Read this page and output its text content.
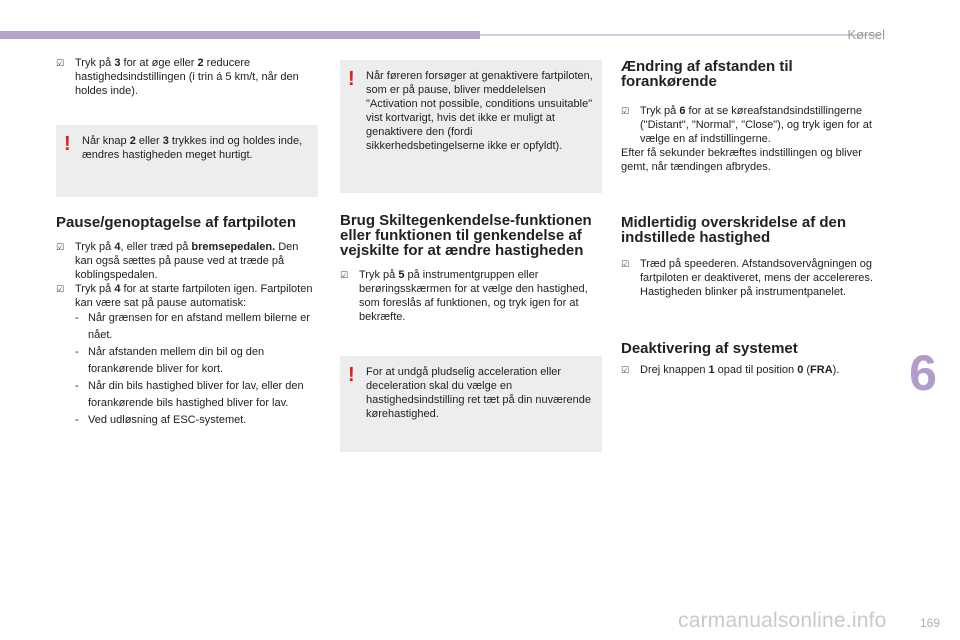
Kørsel
6
169
carmanualsonline.info

☑ Tryk på 3 for at øge eller 2 reducere hastighedsindstillingen (i trin á 5 km/t, når den holdes inde).

!	Når knap 2 eller 3 trykkes ind og holdes inde, ændres hastigheden meget hurtigt.
Pause/genoptagelse af fartpiloten

☑ Tryk på 4, eller træd på bremsepedalen. Den kan også sættes på pause ved at træde på koblingspedalen.

☑ Tryk på 4 for at starte fartpiloten igen. Fartpiloten kan være sat på pause automatisk:

- Når grænsen for en afstand mellem bilerne er nået.

- Når afstanden mellem din bil og den forankørende bliver for kort.

- Når din bils hastighed bliver for lav, eller den forankørende bils hastighed bliver for lav.

- Ved udløsning af ESC-systemet.

!	Når føreren forsøger at genaktivere fartpiloten, som er på pause, bliver meddelelsen "Activation not possible, conditions unsuitable" vist kortvarigt, hvis det ikke er muligt at genaktivere den (fordi sikkerhedsbetingelserne ikke er opfyldt).
Brug Skiltegenkendelse-funktionen eller funktionen til genkendelse af vejskilte for at ændre hastigheden

☑ Tryk på 5 på instrumentgruppen eller berøringsskærmen for at vælge den hastighed, som foreslås af funktionen, og tryk igen for at bekræfte.

!	For at undgå pludselig acceleration eller deceleration skal du vælge en hastighedsindstilling ret tæt på din nuværende kørehastighed.
Ændring af afstanden til forankørende

☑ Tryk på 6 for at se køreafstandsindstillingerne ("Distant", "Normal", "Close"), og tryk igen for at vælge en af indstillingerne.

Efter få sekunder bekræftes indstillingen og bliver gemt, når tændingen afbrydes.

Midlertidig overskridelse af den indstillede hastighed

☑ Træd på speederen. Afstandsovervågningen og fartpiloten er deaktiveret, mens der accelereres. Hastigheden blinker på instrumentpanelet.

Deaktivering af systemet

☑ Drej knappen 1 opad til position 0 (FRA).
